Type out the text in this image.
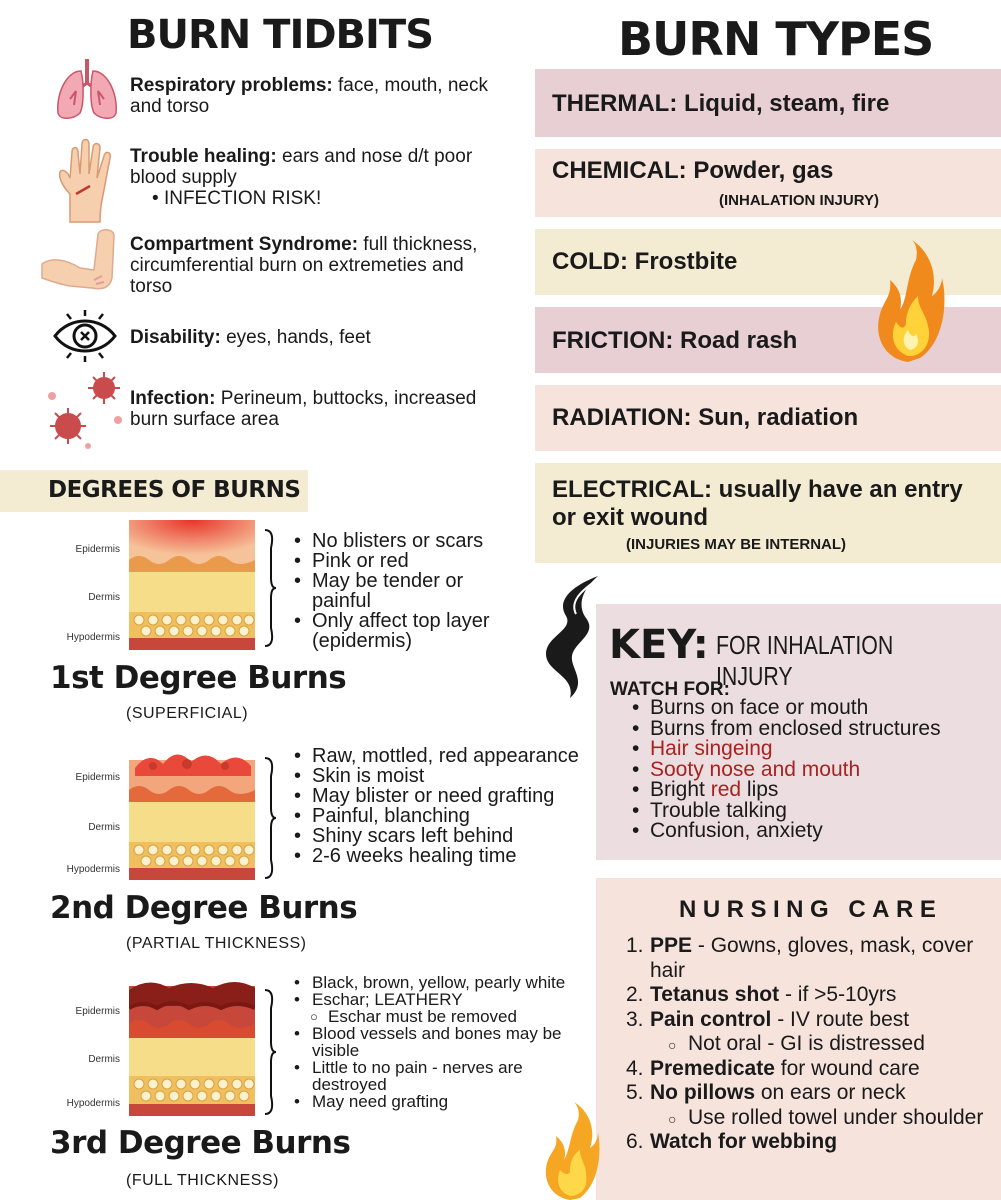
BURN TIDBITS
Respiratory problems: face, mouth, neck and torso
Trouble healing: ears and nose d/t poor blood supply
• INFECTION RISK!
Compartment Syndrome: full thickness, circumferential burn on extremeties and torso
Disability: eyes, hands, feet
Infection: Perineum, buttocks, increased burn surface area
DEGREES OF BURNS
Epidermis
Dermis
Hypodermis
• No blisters or scars
• Pink or red
• May be tender or painful
• Only affect top layer (epidermis)
1st Degree Burns
(SUPERFICIAL)
Epidermis
Dermis
Hypodermis
• Raw, mottled, red appearance
• Skin is moist
• May blister or need grafting
• Painful, blanching
• Shiny scars left behind
• 2-6 weeks healing time
2nd Degree Burns
(PARTIAL THICKNESS)
Epidermis
Dermis
Hypodermis
• Black, brown, yellow, pearly white
• Eschar; LEATHERY
○ Eschar must be removed
• Blood vessels and bones may be visible
• Little to no pain - nerves are destroyed
• May need grafting
3rd Degree Burns
(FULL THICKNESS)
BURN TYPES
THERMAL: Liquid, steam, fire
CHEMICAL: Powder, gas
(INHALATION INJURY)
COLD: Frostbite
FRICTION: Road rash
RADIATION: Sun, radiation
ELECTRICAL: usually have an entry or exit wound
(INJURIES MAY BE INTERNAL)
KEY: FOR INHALATION INJURY
WATCH FOR:
• Burns on face or mouth
• Burns from enclosed structures
• Hair singeing
• Sooty nose and mouth
• Bright red lips
• Trouble talking
• Confusion, anxiety
NURSING CARE
1. PPE - Gowns, gloves, mask, cover hair
2. Tetanus shot - if >5-10yrs
3. Pain control - IV route best
○ Not oral - GI is distressed
4. Premedicate for wound care
5. No pillows on ears or neck
○ Use rolled towel under shoulder
6. Watch for webbing
